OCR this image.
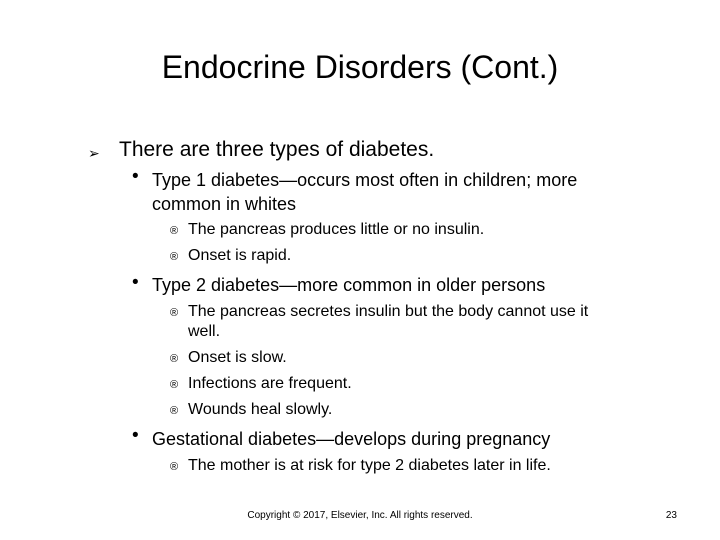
Endocrine Disorders (Cont.)
➢ There are three types of diabetes.
• Type 1 diabetes—occurs most often in children; more
common in whites
® The pancreas produces little or no insulin.
® Onset is rapid.
• Type 2 diabetes—more common in older persons
® The pancreas secretes insulin but the body cannot use it
well.
® Onset is slow.
® Infections are frequent.
® Wounds heal slowly.
• Gestational diabetes—develops during pregnancy
® The mother is at risk for type 2 diabetes later in life.
Copyright © 2017, Elsevier, Inc. All rights reserved.	23
